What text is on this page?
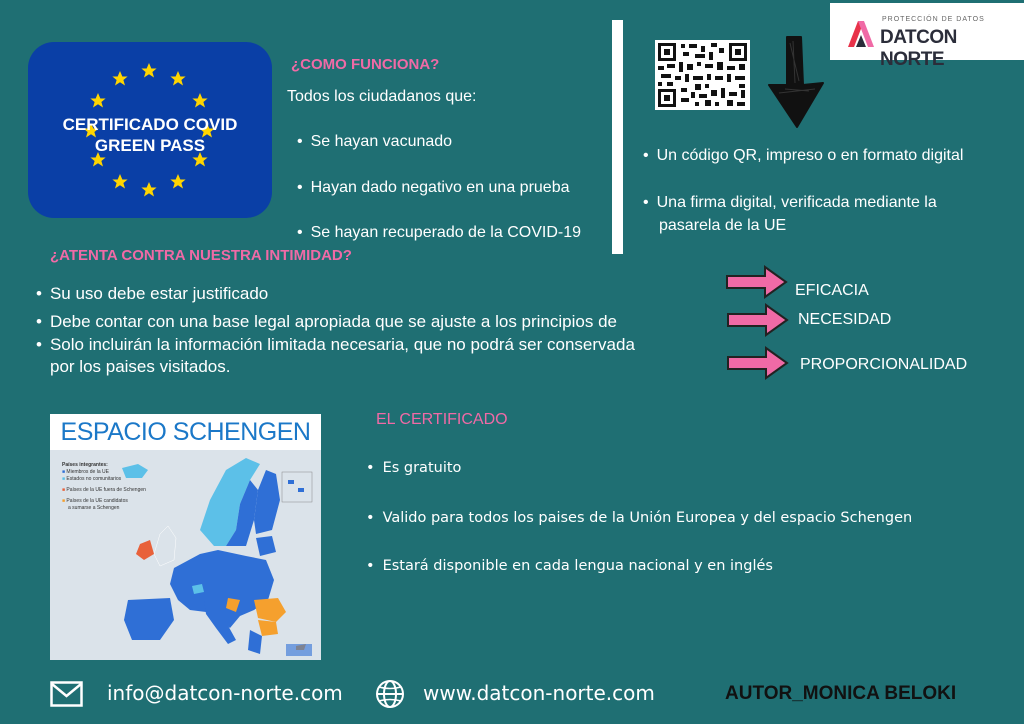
CERTIFICADO COVID
GREEN PASS
PROTECCIÓN DE DATOS
DATCON NORTE
¿COMO FUNCIONA?
Todos los ciudadanos que:
• Se hayan vacunado
• Hayan dado negativo en una prueba
• Se hayan recuperado de la COVID-19
• Un código QR, impreso o en formato digital
• Una firma digital, verificada mediante la
pasarela de la UE
¿ATENTA CONTRA NUESTRA INTIMIDAD?
• Su uso debe estar justificado
• Debe contar con una base legal apropiada que se ajuste a los principios de
• Solo incluirán la información limitada necesaria, que no podrá ser conservada
por los paises visitados.
EFICACIA
NECESIDAD
PROPORCIONALIDAD
ESPACIO SCHENGEN
Países integrantes:
■ Miembros de la UE
■ Estados no comunitarios
■ Países de la UE fuera de Schengen
■ Países de la UE candidatos
a sumarse a Schengen
EL CERTIFICADO
• Es gratuito
• Valido para todos los paises de la Unión Europea y del espacio Schengen
• Estará disponible en cada lengua nacional y en inglés
info@datcon-norte.com	www.datcon-norte.com	AUTOR_MONICA BELOKI
